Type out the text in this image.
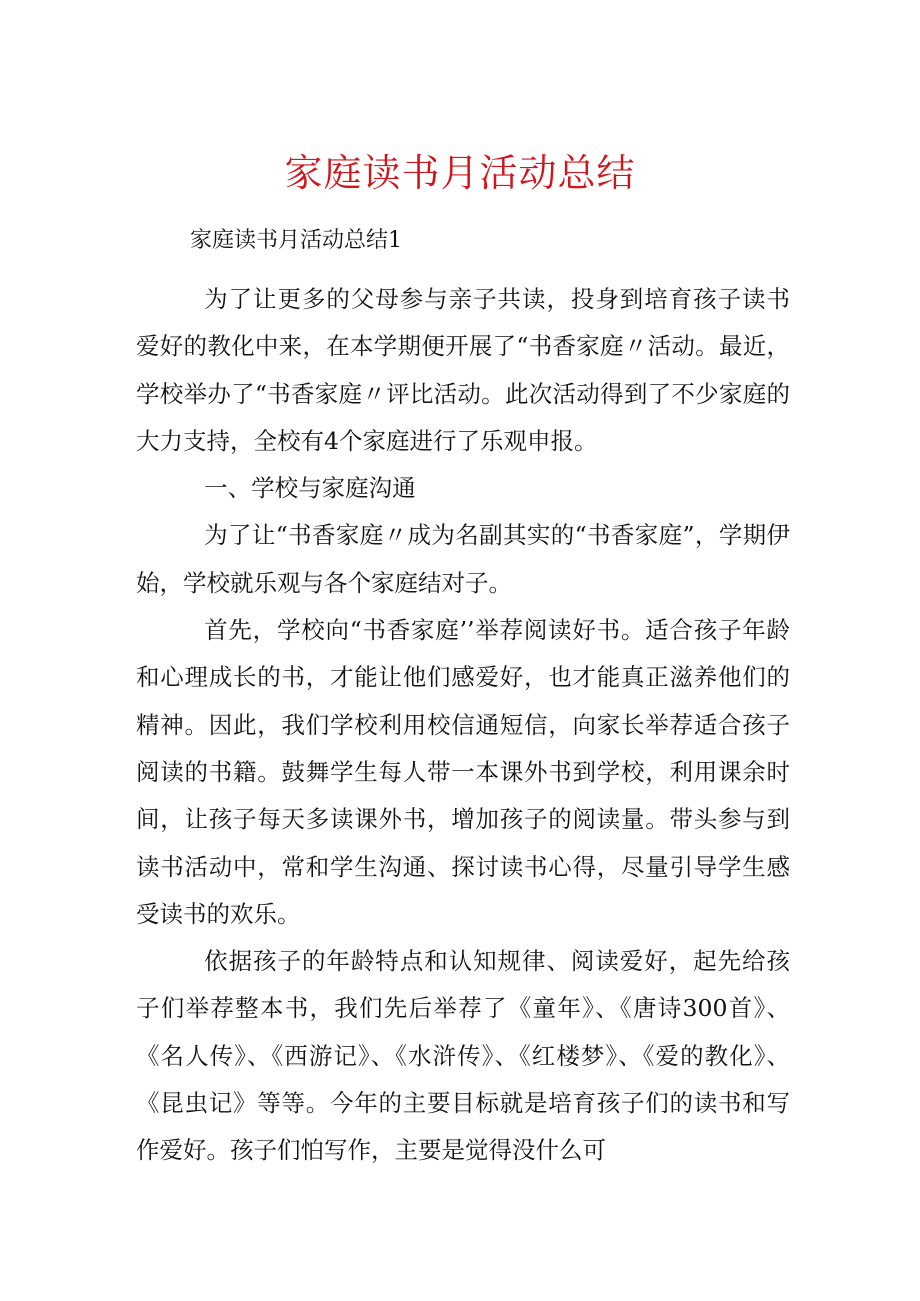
家庭读书月活动总结
家庭读书月活动总结1

为了让更多的父母参与亲子共读，投身到培育孩子读书爱好的教化中来，在本学期便开展了“书香家庭〃活动。最近，学校举办了“书香家庭〃评比活动。此次活动得到了不少家庭的大力支持，全校有4个家庭进行了乐观申报。

一、学校与家庭沟通

为了让“书香家庭〃成为名副其实的“书香家庭”，学期伊始，学校就乐观与各个家庭结对子。

首先，学校向“书香家庭’’举荐阅读好书。适合孩子年龄和心理成长的书，才能让他们感爱好，也才能真正滋养他们的精神。因此，我们学校利用校信通短信，向家长举荐适合孩子阅读的书籍。鼓舞学生每人带一本课外书到学校，利用课余时间，让孩子每天多读课外书，增加孩子的阅读量。带头参与到读书活动中，常和学生沟通、探讨读书心得，尽量引导学生感受读书的欢乐。

依据孩子的年龄特点和认知规律、阅读爱好，起先给孩子们举荐整本书，我们先后举荐了《童年》、《唐诗300首》、《名人传》、《西游记》、《水浒传》、《红楼梦》、《爱的教化》、《昆虫记》等等。今年的主要目标就是培育孩子们的读书和写作爱好。孩子们怕写作，主要是觉得没什么可
